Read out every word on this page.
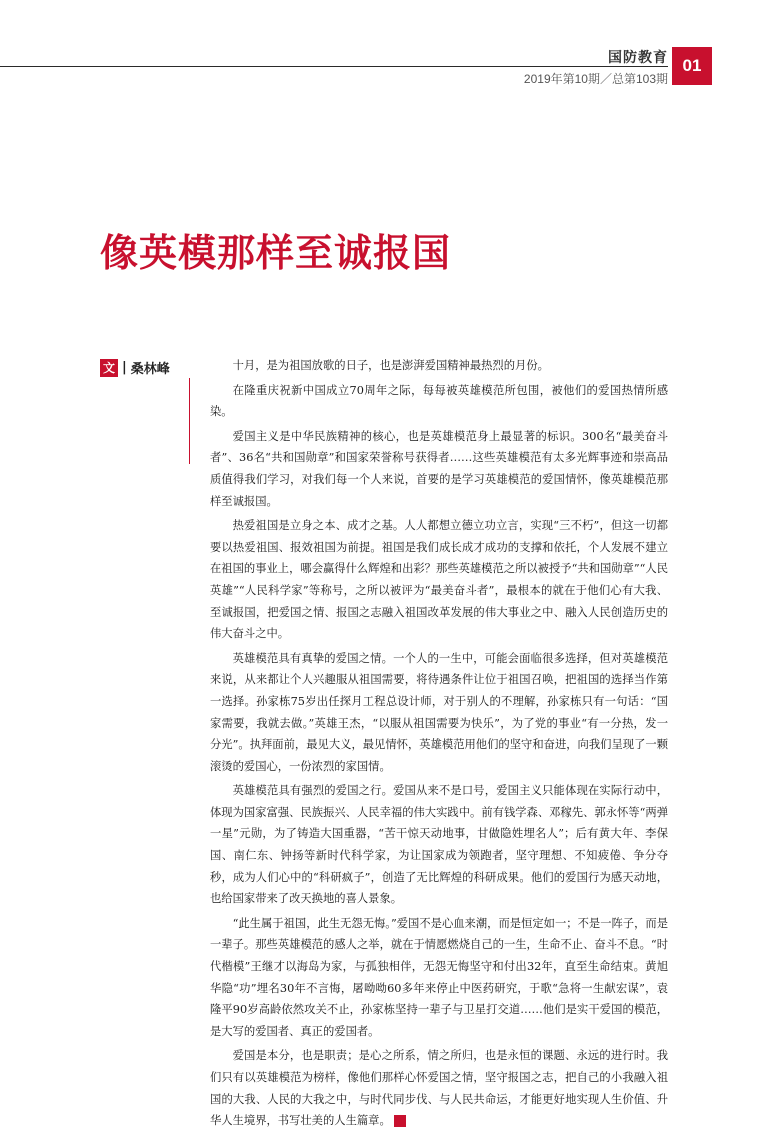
国防教育
2019年第10期／总第103期
01
像英模那样至诚报国
文 | 桑林峰	十月，是为祖国放歌的日子，也是澎湃爱国精神最热烈的月份。

在隆重庆祝新中国成立70周年之际，每每被英雄模范所包围，被他们的爱国热情所感染。

爱国主义是中华民族精神的核心，也是英雄模范身上最显著的标识。300名“最美奋斗者”、36名“共和国勋章”和国家荣誉称号获得者……这些英雄模范有太多光辉事迹和崇高品质值得我们学习，对我们每一个人来说，首要的是学习英雄模范的爱国情怀，像英雄模范那样至诚报国。

热爱祖国是立身之本、成才之基。人人都想立德立功立言，实现“三不朽”，但这一切都要以热爱祖国、报效祖国为前提。祖国是我们成长成才成功的支撑和依托，个人发展不建立在祖国的事业上，哪会赢得什么辉煌和出彩？那些英雄模范之所以被授予“共和国勋章”“人民英雄”“人民科学家”等称号，之所以被评为“最美奋斗者”，最根本的就在于他们心有大我、至诚报国，把爱国之情、报国之志融入祖国改革发展的伟大事业之中、融入人民创造历史的伟大奋斗之中。

英雄模范具有真挚的爱国之情。一个人的一生中，可能会面临很多选择，但对英雄模范来说，从来都让个人兴趣服从祖国需要，将待遇条件让位于祖国召唤，把祖国的选择当作第一选择。孙家栋75岁出任探月工程总设计师，对于别人的不理解，孙家栋只有一句话：“国家需要，我就去做。”英雄王杰，“以服从祖国需要为快乐”，为了党的事业“有一分热，发一分光”。执拜面前，最见大义，最见情怀，英雄模范用他们的坚守和奋进，向我们呈现了一颗滚烫的爱国心，一份浓烈的家国情。

英雄模范具有强烈的爱国之行。爱国从来不是口号，爱国主义只能体现在实际行动中，体现为国家富强、民族振兴、人民幸福的伟大实践中。前有钱学森、邓稼先、郭永怀等“两弹一星”元勋，为了铸造大国重器，“苦干惊天动地事，甘做隐姓埋名人”；后有黄大年、李保国、南仁东、钟扬等新时代科学家，为让国家成为领跑者，坚守理想、不知疲倦、争分夺秒，成为人们心中的“科研疯子”，创造了无比辉煌的科研成果。他们的爱国行为感天动地，也给国家带来了改天换地的喜人景象。

“此生属于祖国，此生无怨无悔。”爱国不是心血来潮，而是恒定如一；不是一阵子，而是一辈子。那些英雄模范的感人之举，就在于情愿燃烧自己的一生，生命不止、奋斗不息。“时代楷模”王继才以海岛为家，与孤独相伴，无怨无悔坚守和付出32年，直至生命结束。黄旭华隐“功”埋名30年不言悔，屠呦呦60多年来停止中医药研究，于歌“急将一生献宏谋”，袁隆平90岁高龄依然攻关不止，孙家栋坚持一辈子与卫星打交道……他们是实干爱国的模范，是大写的爱国者、真正的爱国者。

爱国是本分，也是职责；是心之所系，情之所归，也是永恒的课题、永远的进行时。我们只有以英雄模范为榜样，像他们那样心怀爱国之情，坚守报国之志，把自己的小我融入祖国的大我、人民的大我之中，与时代同步伐、与人民共命运，才能更好地实现人生价值、升华人生境界，书写壮美的人生篇章。	G
